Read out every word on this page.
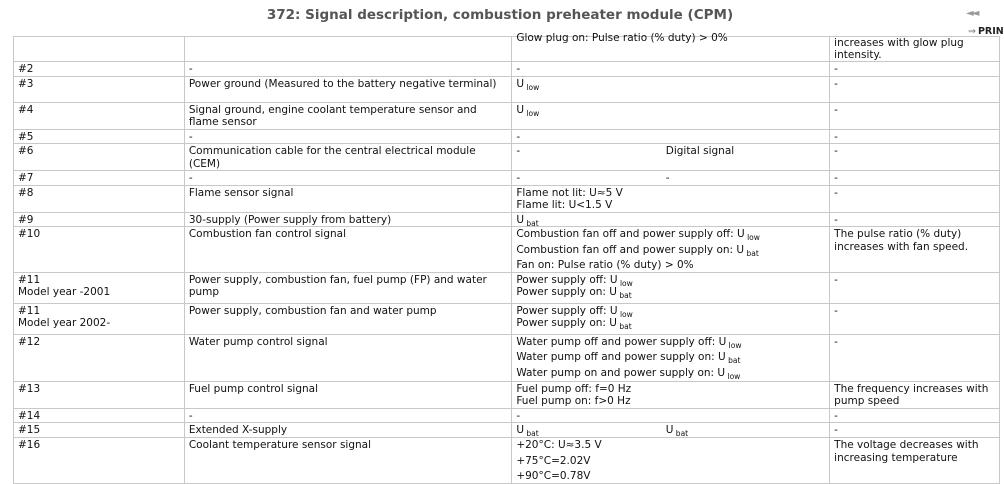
372: Signal description, combustion preheater module (CPM)	◄◄
⇒ PRIN

		Glow plug on: Pulse ratio (% duty) > 0%		increases with glow plug intensity.

#2	-	-		-

#3	Power ground (Measured to the battery negative terminal)	U $_{low}$		-

#4	Signal ground, engine coolant temperature sensor and flame sensor	U $_{low}$		-

#5	-	-		-

#6	Communication cable for the central electrical module (CEM)	-	Digital signal	-

#7	-	-	-	-

#8	Flame sensor signal	Flame not lit: U≈5 V
Flame lit: U<1.5 V		-

#9	30-supply (Power supply from battery)	U $_{bat}$		-

#10	Combustion fan control signal	Combustion fan off and power supply off: U $_{low}$
Combustion fan off and power supply on: U $_{bat}$
Fan on: Pulse ratio (% duty) > 0%		The pulse ratio (% duty) increases with fan speed.

#11
Model year -2001	Power supply, combustion fan, fuel pump (FP) and water pump	Power supply off: U $_{low}$
Power supply on: U $_{bat}$		-

#11
Model year 2002-	Power supply, combustion fan and water pump	Power supply off: U $_{low}$
Power supply on: U $_{bat}$		-

#12	Water pump control signal	Water pump off and power supply off: U $_{low}$
Water pump off and power supply on: U $_{bat}$
Water pump on and power supply on: U $_{low}$		-

#13	Fuel pump control signal	Fuel pump off: f=0 Hz
Fuel pump on: f>0 Hz		The frequency increases with pump speed

#14	-	-		-

#15	Extended X-supply	U $_{bat}$	U $_{bat}$	-

#16	Coolant temperature sensor signal	+20°C: U≈3.5 V
+75°C=2.02V
+90°C=0.78V		The voltage decreases with increasing temperature
